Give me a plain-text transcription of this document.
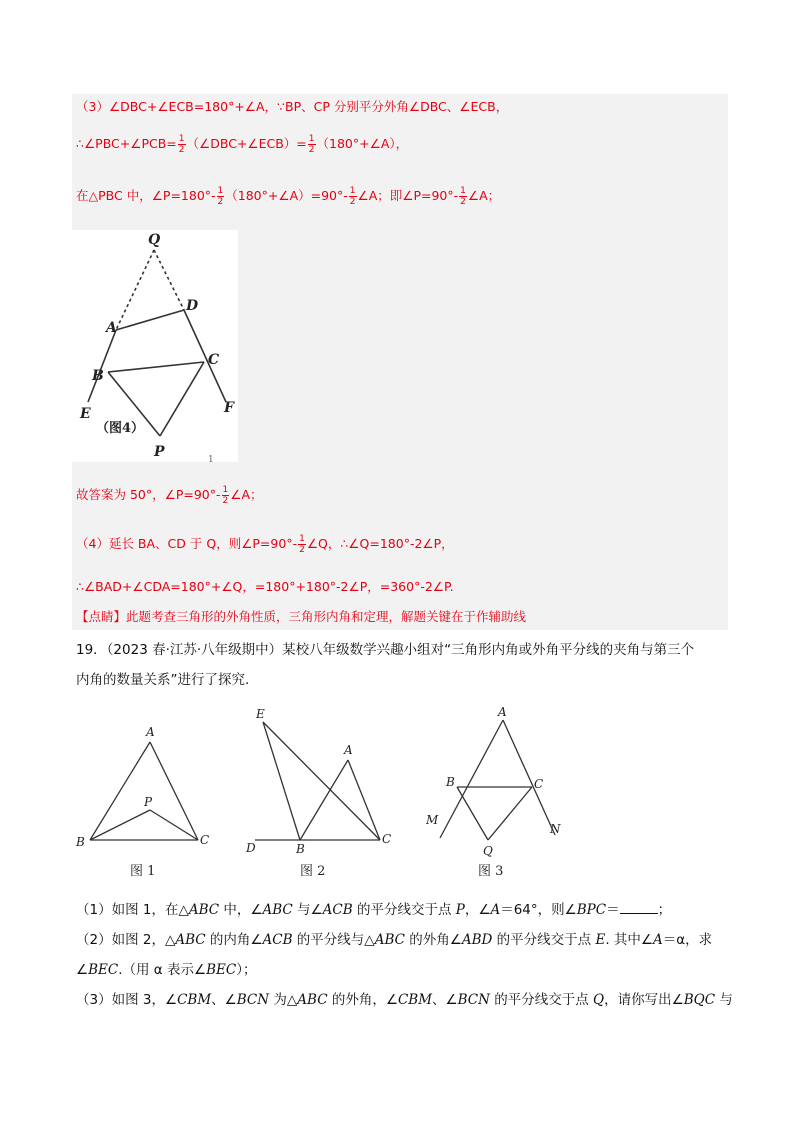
（3）∠DBC+∠ECB=180°+∠A，∵BP、CP 分别平分外角∠DBC、∠ECB，
∴∠PBC+∠PCB= $\frac{1}{2}$ （∠DBC+∠ECB）= $\frac{1}{2}$ （180°+∠A），
在△PBC 中，∠P=180°- $\frac{1}{2}$ （180°+∠A）=90°- $\frac{1}{2}$ ∠A；即∠P=90°- $\frac{1}{2}$ ∠A；
Q
D
A
B
C
E	F
P
（图4）
1
故答案为 50°，∠P=90°- $\frac{1}{2}$ ∠A；
（4）延长 BA、CD 于 Q，则∠P=90°- $\frac{1}{2}$ ∠Q，∴∠Q=180°-2∠P，
∴∠BAD+∠CDA=180°+∠Q，=180°+180°-2∠P，=360°-2∠P.
【点睛】此题考查三角形的外角性质，三角形内角和定理，解题关键在于作辅助线
19．（2023 春·江苏·八年级期中）某校八年级数学兴趣小组对“三角形内角或外角平分线的夹角与第三个
内角的数量关系”进行了探究.
A
P
B	C
E
A
D	B
C
A
B	C
M
N
Q
图 1	图 2	图 3
（1）如图 1，在△ABC 中，∠ABC 与∠ACB 的平分线交于点 P，∠A＝64°，则∠BPC＝	；
（2）如图 2，△ABC 的内角∠ACB 的平分线与△ABC 的外角∠ABD 的平分线交于点 E. 其中∠A＝α，求
∠BEC.（用 α 表示∠BEC）；
（3）如图 3，∠CBM、∠BCN 为△ABC 的外角，∠CBM、∠BCN 的平分线交于点 Q，请你写出∠BQC 与
